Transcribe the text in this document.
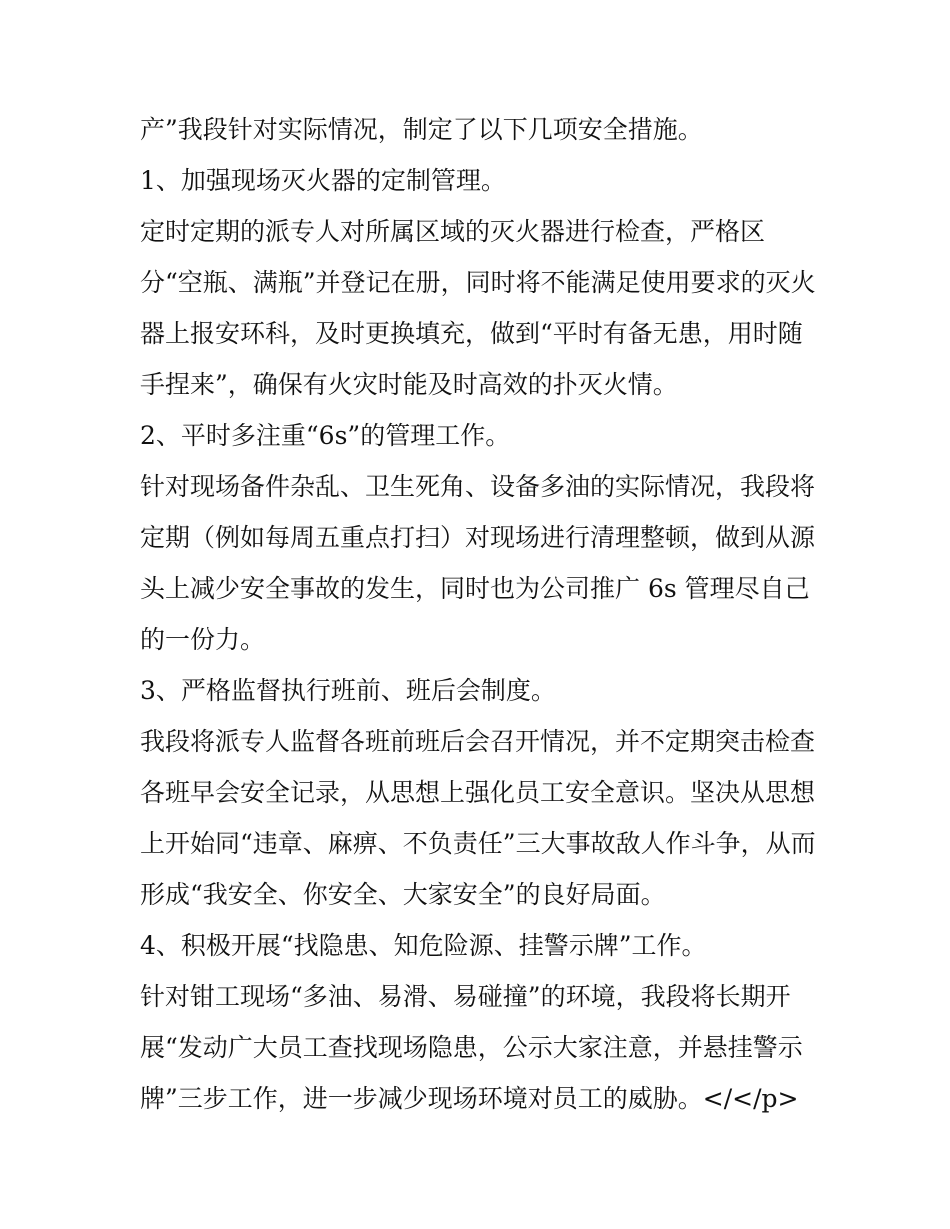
产”我段针对实际情况，制定了以下几项安全措施。

1、加强现场灭火器的定制管理。

定时定期的派专人对所属区域的灭火器进行检查，严格区

分“空瓶、满瓶”并登记在册，同时将不能满足使用要求的灭火

器上报安环科，及时更换填充，做到“平时有备无患，用时随

手捏来”，确保有火灾时能及时高效的扑灭火情。

2、平时多注重“6s”的管理工作。

针对现场备件杂乱、卫生死角、设备多油的实际情况，我段将

定期（例如每周五重点打扫）对现场进行清理整顿，做到从源

头上减少安全事故的发生，同时也为公司推广 6s 管理尽自己

的一份力。

3、严格监督执行班前、班后会制度。

我段将派专人监督各班前班后会召开情况，并不定期突击检查

各班早会安全记录，从思想上强化员工安全意识。坚决从思想

上开始同“违章、麻痹、不负责任”三大事故敌人作斗争，从而

形成“我安全、你安全、大家安全”的良好局面。

4、积极开展“找隐患、知危险源、挂警示牌”工作。

针对钳工现场“多油、易滑、易碰撞”的环境，我段将长期开

展“发动广大员工查找现场隐患，公示大家注意，并悬挂警示

牌”三步工作，进一步减少现场环境对员工的威胁。</</p>
